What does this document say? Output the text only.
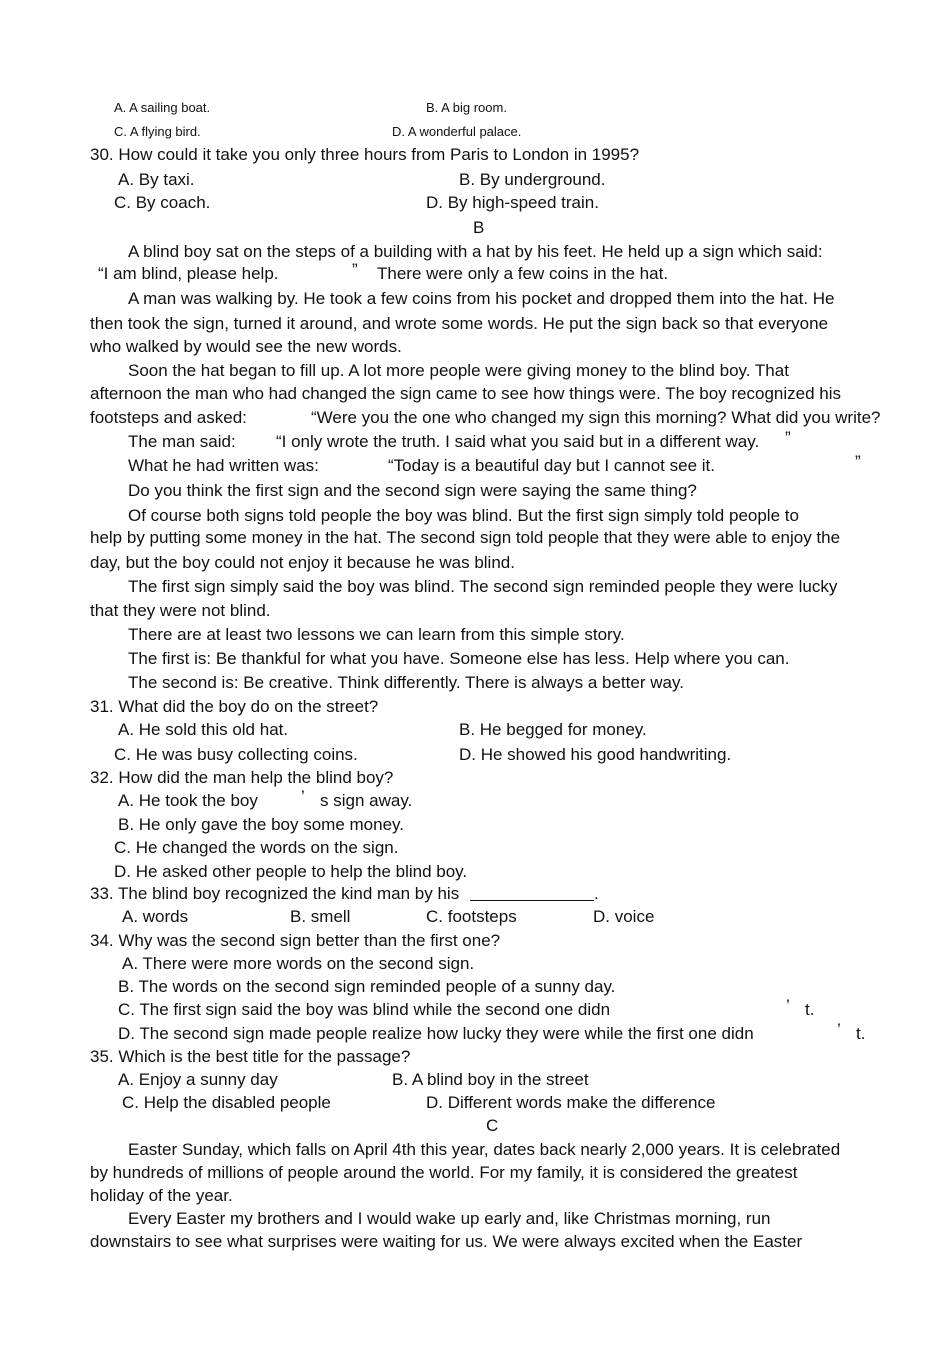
A. A sailing boat.	B. A big room.
C. A flying bird.	D. A wonderful palace.
30. How could it take you only three hours from Paris to London in 1995?
A. By taxi.	B. By underground.
C. By coach.	D. By high-speed train.
B
A blind boy sat on the steps of a building with a hat by his feet. He held up a sign which said:
“I am blind, please help.	” There were only a few coins in the hat.
A man was walking by. He took a few coins from his pocket and dropped them into the hat. He
then took the sign, turned it around, and wrote some words. He put the sign back so that everyone
who walked by would see the new words.
Soon the hat began to fill up. A lot more people were giving money to the blind boy. That
afternoon the man who had changed the sign came to see how things were. The boy recognized his
footsteps and asked:	“Were you the one who changed my sign this morning? What did you write?
The man said: “I only wrote the truth. I said what you said but in a different way. ”
What he had written was:	“Today is a beautiful day but I cannot see it.	”
Do you think the first sign and the second sign were saying the same thing?
Of course both signs told people the boy was blind. But the first sign simply told people to
help by putting some money in the hat. The second sign told people that they were able to enjoy the
day, but the boy could not enjoy it because he was blind.
The first sign simply said the boy was blind. The second sign reminded people they were lucky
that they were not blind.
There are at least two lessons we can learn from this simple story.
The first is: Be thankful for what you have. Someone else has less. Help where you can.
The second is: Be creative. Think differently. There is always a better way.
31. What did the boy do on the street?
A. He sold this old hat.	B. He begged for money.
C. He was busy collecting coins.	D. He showed his good handwriting.
32. How did the man help the blind boy?
A. He took the boy	’ s sign away.
B. He only gave the boy some money.
C. He changed the words on the sign.
D. He asked other people to help the blind boy.
33. The blind boy recognized the kind man by his	.
A. words	B. smell	C. footsteps	D. voice
34. Why was the second sign better than the first one?
A. There were more words on the second sign.
B. The words on the second sign reminded people of a sunny day.
C. The first sign said the boy was blind while the second one didn	’ t.
D. The second sign made people realize how lucky they were while the first one didn	’ t.
35. Which is the best title for the passage?
A. Enjoy a sunny day	B. A blind boy in the street
C. Help the disabled people	D. Different words make the difference
C
Easter Sunday, which falls on April 4th this year, dates back nearly 2,000 years. It is celebrated
by hundreds of millions of people around the world. For my family, it is considered the greatest
holiday of the year.
Every Easter my brothers and I would wake up early and, like Christmas morning, run
downstairs to see what surprises were waiting for us. We were always excited when the Easter
